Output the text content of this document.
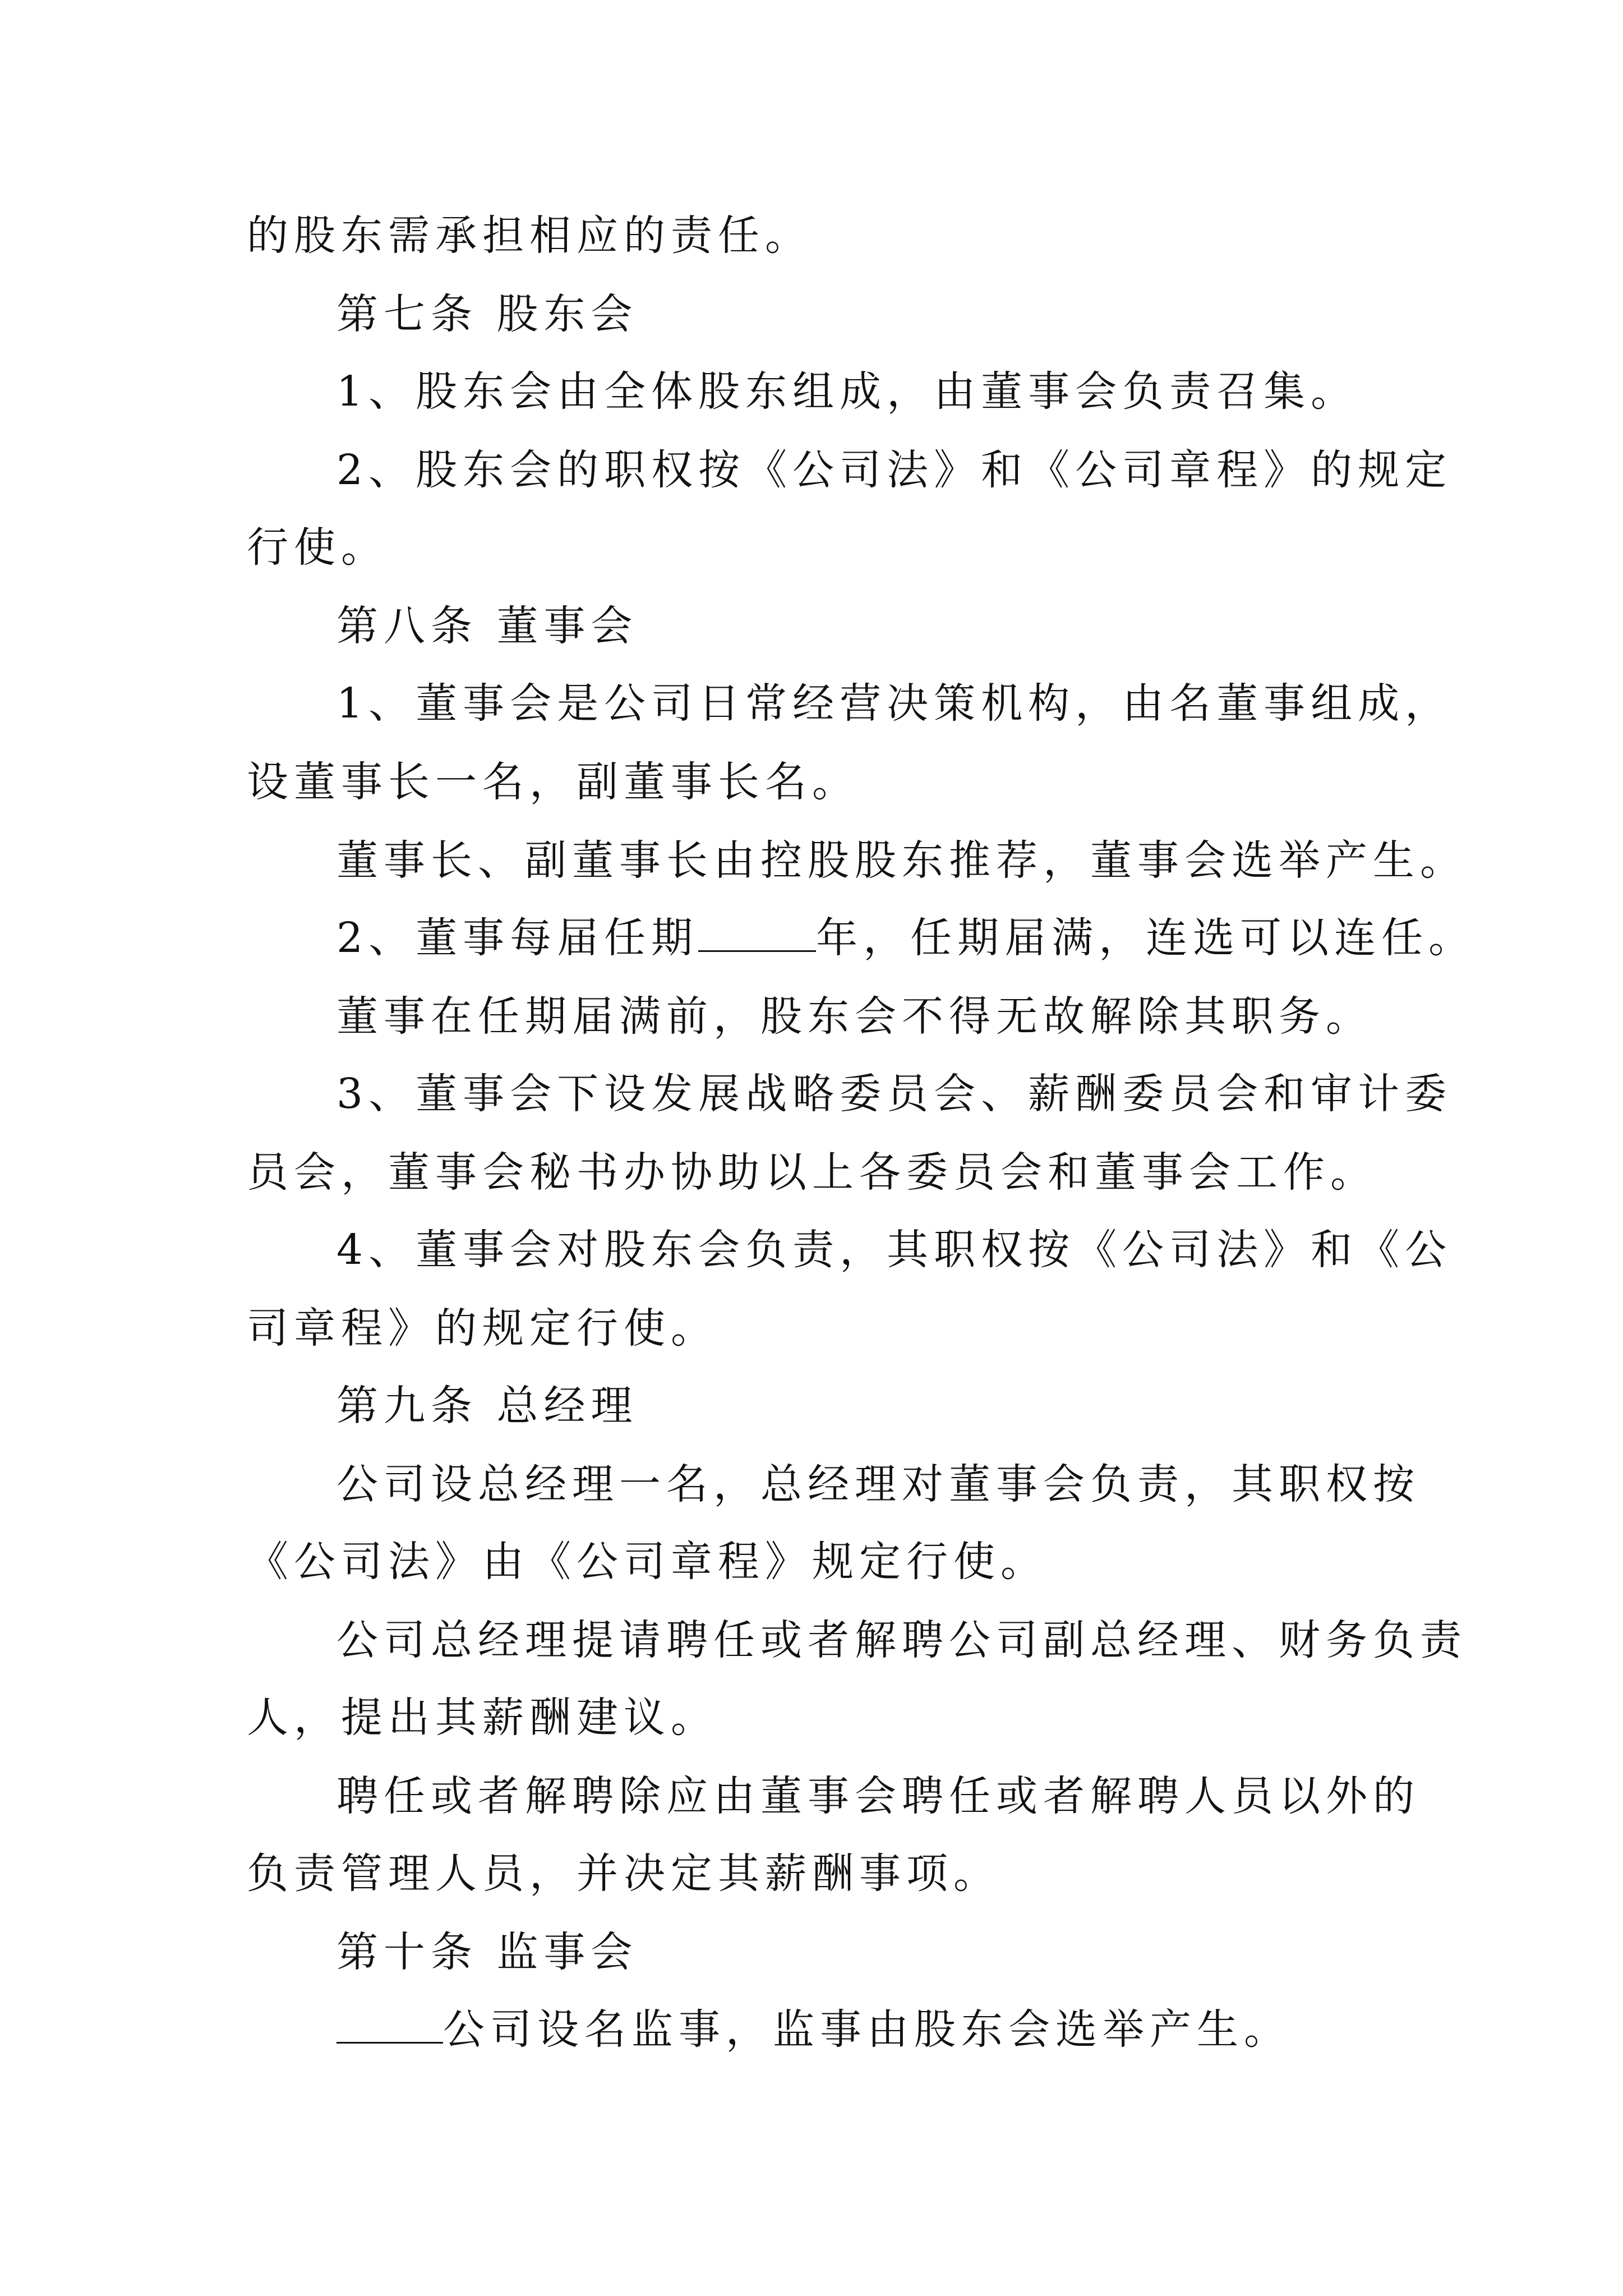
的股东需承担相应的责任。
第七条 股东会
1、股东会由全体股东组成，由董事会负责召集。
2、股东会的职权按《公司法》和《公司章程》的规定
行使。
第八条 董事会
1、董事会是公司日常经营决策机构，由名董事组成，
设董事长一名，副董事长名。
董事长、副董事长由控股股东推荐，董事会选举产生。
2、董事每届任期	年，任期届满，连选可以连任。
董事在任期届满前，股东会不得无故解除其职务。
3、董事会下设发展战略委员会、薪酬委员会和审计委
员会，董事会秘书办协助以上各委员会和董事会工作。
4、董事会对股东会负责，其职权按《公司法》和《公
司章程》的规定行使。
第九条 总经理
公司设总经理一名，总经理对董事会负责，其职权按
《公司法》由《公司章程》规定行使。
公司总经理提请聘任或者解聘公司副总经理、财务负责
人，提出其薪酬建议。
聘任或者解聘除应由董事会聘任或者解聘人员以外的
负责管理人员，并决定其薪酬事项。
第十条 监事会
公司设名监事，监事由股东会选举产生。
